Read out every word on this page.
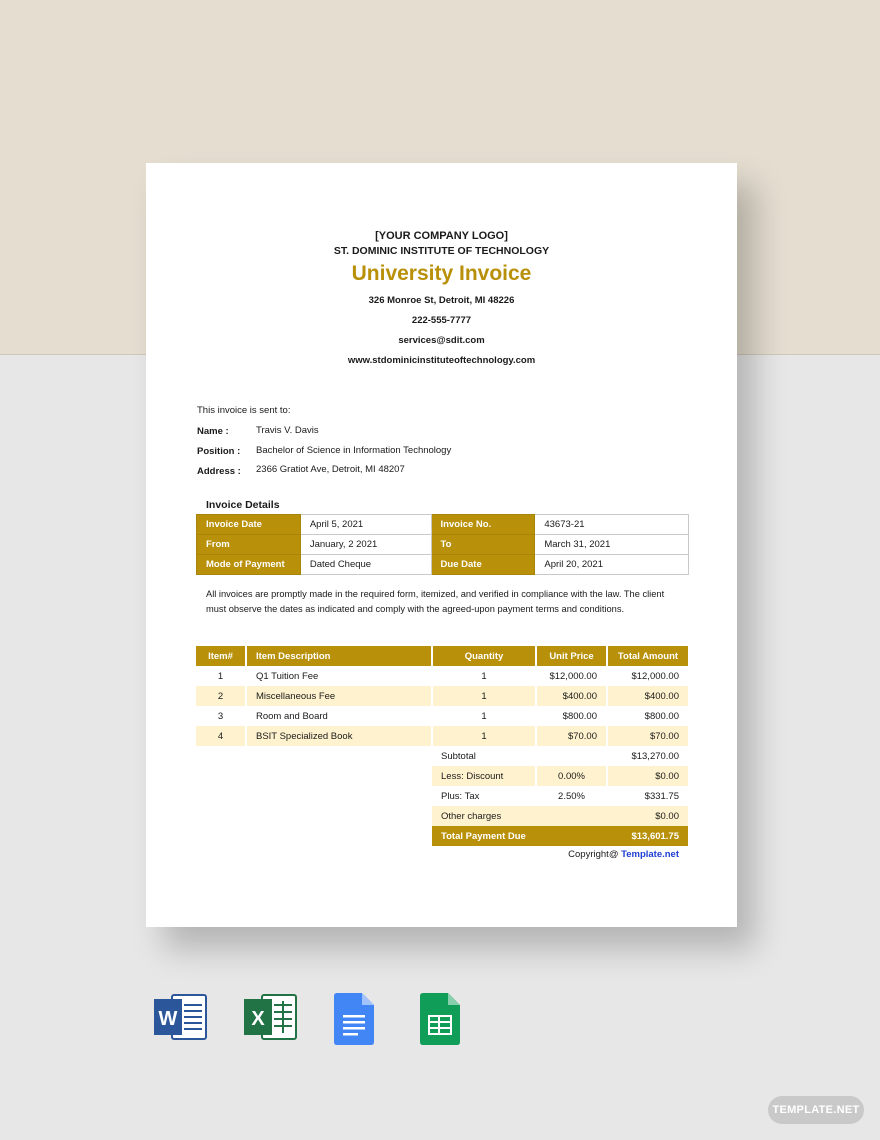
[YOUR COMPANY LOGO]
ST. DOMINIC INSTITUTE OF TECHNOLOGY
University Invoice
326 Monroe St, Detroit, MI 48226
222-555-7777
services@sdit.com
www.stdominicinstituteoftechnology.com
This invoice is sent to:
Name :	Travis V. Davis
Position : Bachelor of Science in Information Technology
Address : 2366 Gratiot Ave, Detroit, MI 48207
Invoice Details
Invoice Date	April 5, 2021	Invoice No.	43673-21
From	January, 2 2021	To	March 31, 2021
Mode of Payment	Dated Cheque	Due Date	April 20, 2021
All invoices are promptly made in the required form, itemized, and verified in compliance with the law. The client must observe the dates as indicated and comply with the agreed-upon payment terms and conditions.
Item#	Item Description	Quantity	Unit Price	Total Amount
1	Q1 Tuition Fee	1	$12,000.00	$12,000.00
2	Miscellaneous Fee	1	$400.00	$400.00
3	Room and Board	1	$800.00	$800.00
4	BSIT Specialized Book	1	$70.00	$70.00
Subtotal		$13,270.00
Less: Discount	0.00%	$0.00
Plus: Tax	2.50%	$331.75
Other charges		$0.00
Total Payment Due		$13,601.75
Copyright@ Template.net
W	X
TEMPLATE.NET
